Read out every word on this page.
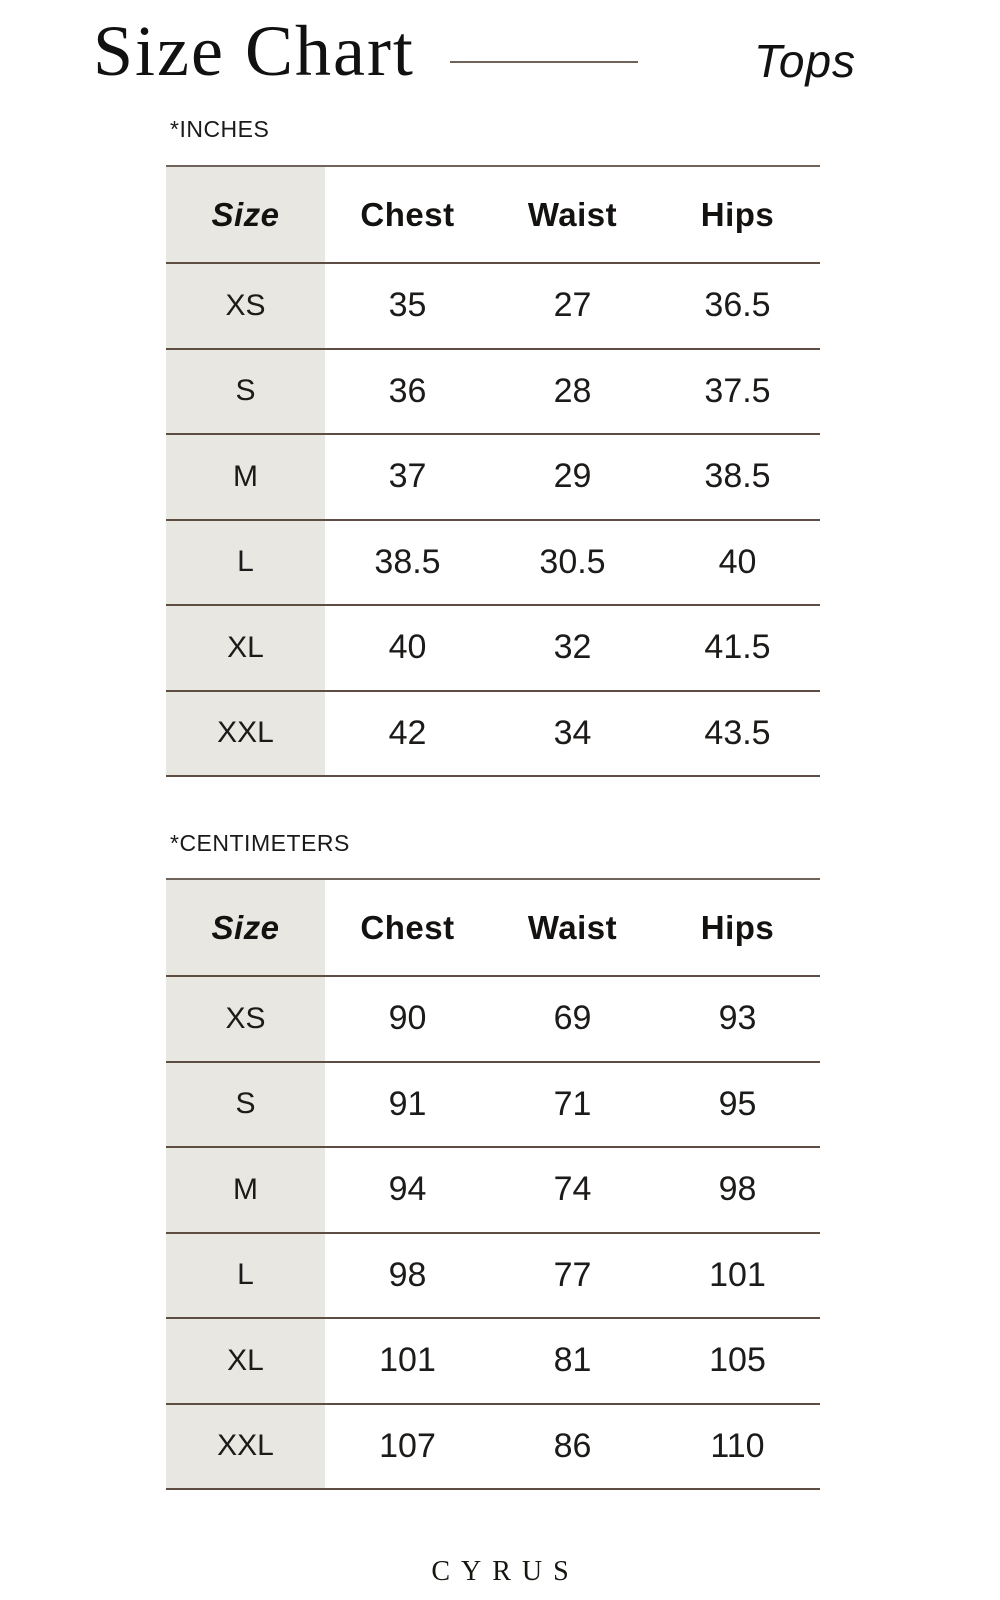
Size Chart	Tops
*INCHES
Size	Chest	Waist	Hips
XS	35	27	36.5
S	36	28	37.5
M	37	29	38.5
L	38.5	30.5	40
XL	40	32	41.5
XXL	42	34	43.5
*CENTIMETERS
Size	Chest	Waist	Hips
XS	90	69	93
S	91	71	95
M	94	74	98
L	98	77	101
XL	101	81	105
XXL	107	86	110
CYRUS
